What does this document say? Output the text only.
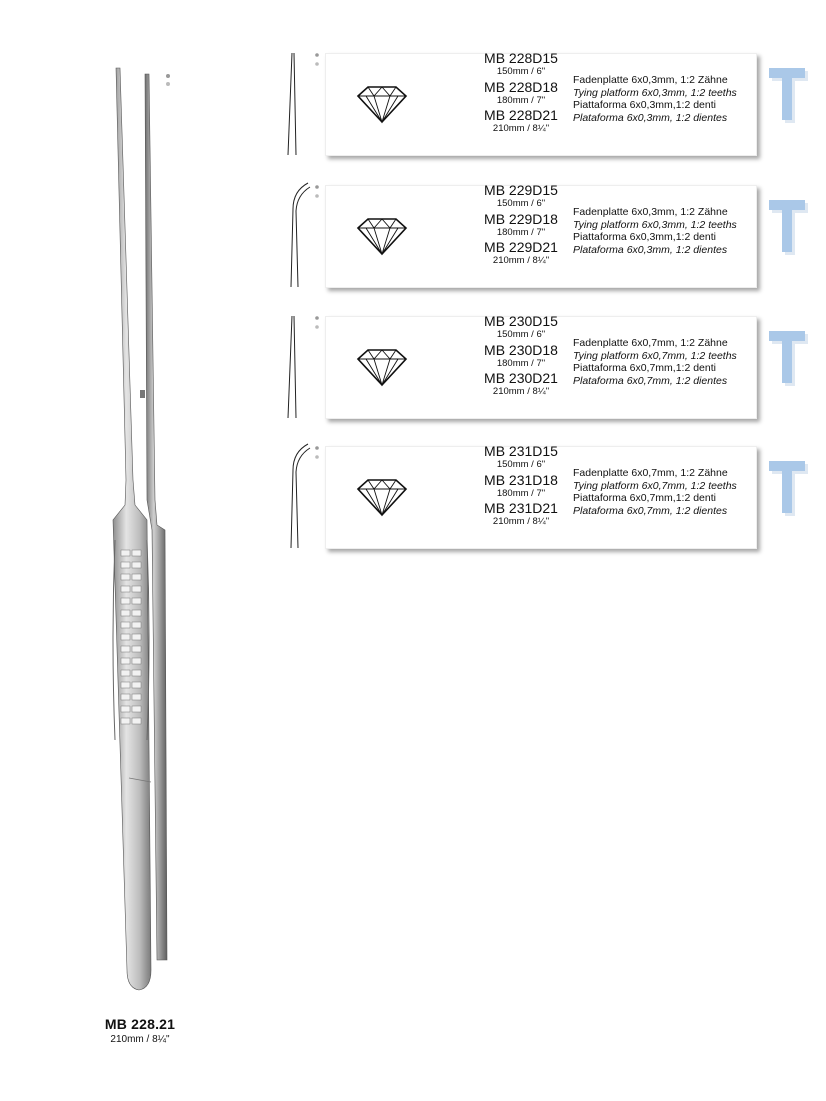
MB 228.21
210mm / 8¼"
MB 228D15
150mm / 6"
MB 228D18
180mm / 7"
MB 228D21
210mm / 8¼"
Fadenplatte 6x0,3mm, 1:2 Zähne
Tying platform 6x0,3mm, 1:2 teeths
Piattaforma 6x0,3mm,1:2 denti
Plataforma 6x0,3mm, 1:2 dientes
MB 229D15
150mm / 6"
MB 229D18
180mm / 7"
MB 229D21
210mm / 8¼"
Fadenplatte 6x0,3mm, 1:2 Zähne
Tying platform 6x0,3mm, 1:2 teeths
Piattaforma 6x0,3mm,1:2 denti
Plataforma 6x0,3mm, 1:2 dientes
MB 230D15
150mm / 6"
MB 230D18
180mm / 7"
MB 230D21
210mm / 8¼"
Fadenplatte 6x0,7mm, 1:2 Zähne
Tying platform 6x0,7mm, 1:2 teeths
Piattaforma 6x0,7mm,1:2 denti
Plataforma 6x0,7mm, 1:2 dientes
MB 231D15
150mm / 6"
MB 231D18
180mm / 7"
MB 231D21
210mm / 8¼"
Fadenplatte 6x0,7mm, 1:2 Zähne
Tying platform 6x0,7mm, 1:2 teeths
Piattaforma 6x0,7mm,1:2 denti
Plataforma 6x0,7mm, 1:2 dientes
